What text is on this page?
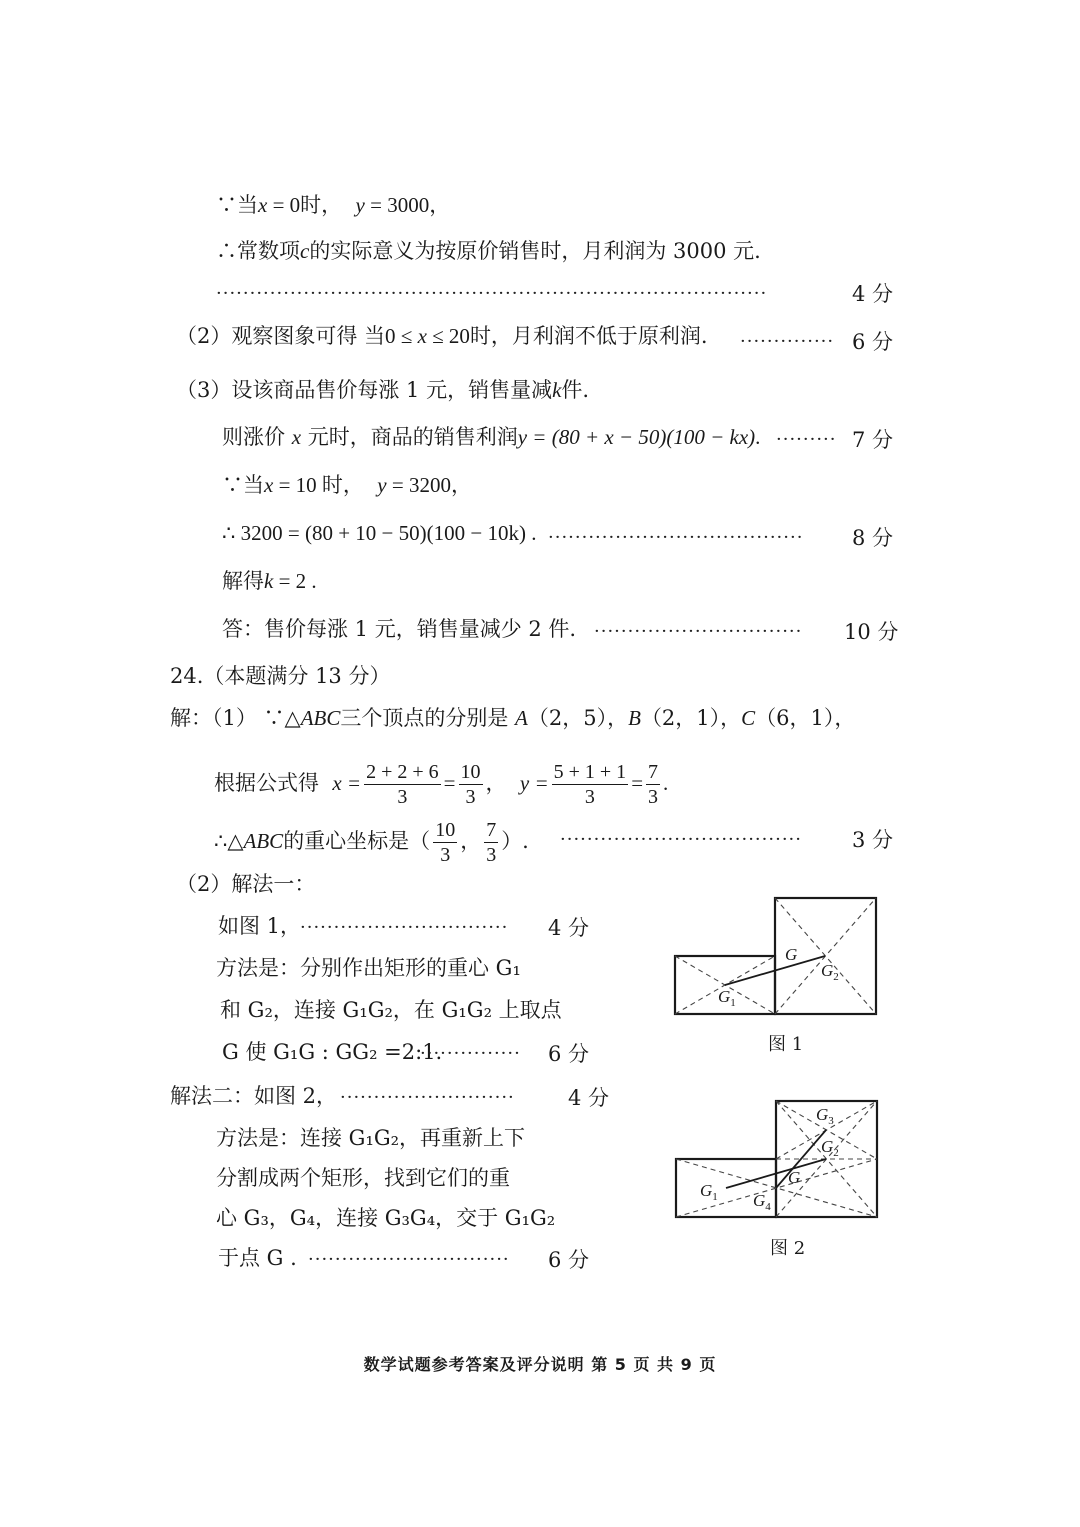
∵当x = 0时， y = 3000，
∴常数项c的实际意义为按原价销售时，月利润为 3000 元.
··················································································	4 分
（2）观察图象可得 当0 ≤ x ≤ 20时，月利润不低于原利润. ·············· 6 分
（3）设该商品售价每涨 1 元，销售量减k件.
则涨价 x 元时，商品的销售利润y = (80 + x − 50)(100 − kx). ········· 7 分
∵当x = 10 时， y = 3200，
∴ 3200 = (80 + 10 − 50)(100 − 10k) . ······································	8 分
解得k = 2 .
答：售价每涨 1 元，销售量减少 2 件. ·······························	10 分
24.（本题满分 13 分）
解：（1） ∵△ABC三个顶点的分别是 A（2，5），B（2，1），C（6，1），
根据公式得 $x = \frac{2 + 2 + 6}{3} = \frac{10}{3}$ ， $y = \frac{5 + 1 + 1}{3} = \frac{7}{3}$ .
∴△ABC的重心坐标是（ $\frac{10}{3}$ ， $\frac{7}{3}$ ）. ····································	3 分
（2）解法一：
如图 1，
·······························	4 分
方法是：分别作出矩形的重心 G₁
和 G₂，连接 G₁G₂，在 G₁G₂ 上取点
G 使 G₁G : GG₂ =2:1.
···············	6 分
解法二：如图 2， ··························	4 分
方法是：连接 G₁G₂，再重新上下
分割成两个矩形，找到它们的重
心 G₃，G₄，连接 G₃G₄，交于 G₁G₂
于点 G . ······························	6 分
G
$G_1$
$G_2$
图 1
$G_3$
$G_2$
G
$G_1$ $G_4$
图 2
数学试题参考答案及评分说明 第 5 页 共 9 页
